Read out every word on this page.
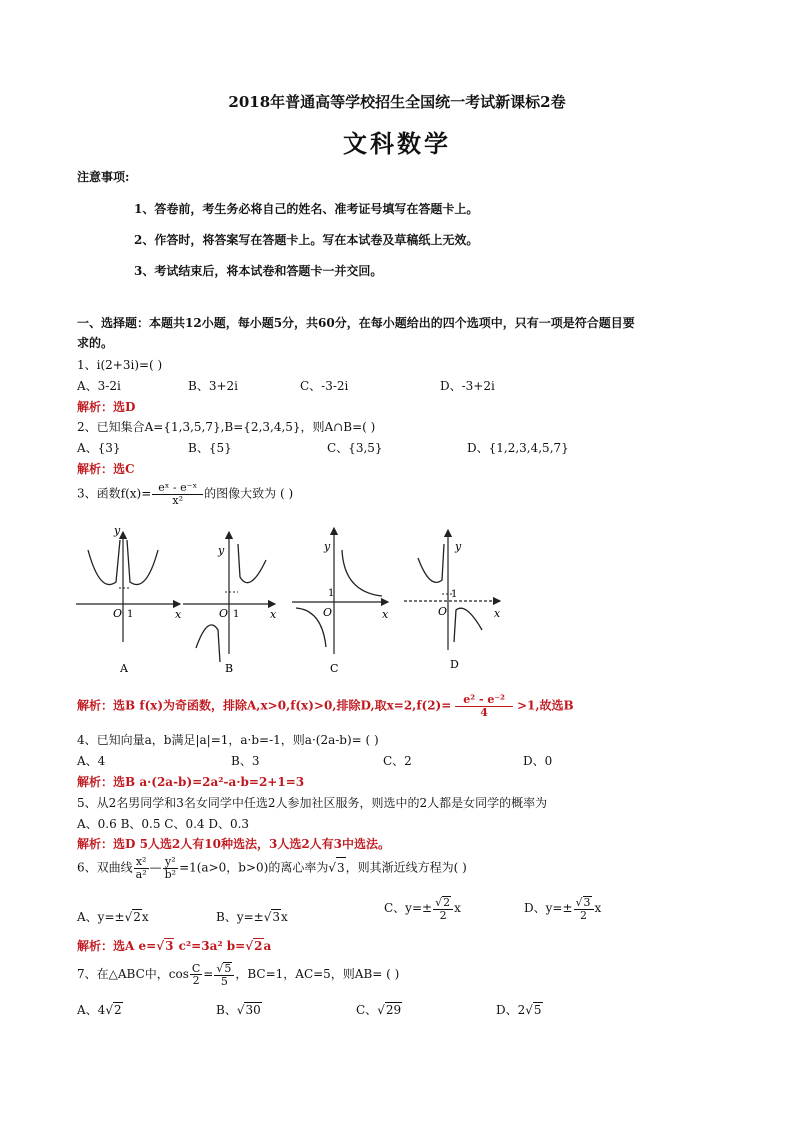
2018年普通高等学校招生全国统一考试新课标2卷
文科数学
注意事项:
1、答卷前，考生务必将自己的姓名、准考证号填写在答题卡上。
2、作答时，将答案写在答题卡上。写在本试卷及草稿纸上无效。
3、考试结束后，将本试卷和答题卡一并交回。
一、选择题：本题共12小题，每小题5分，共60分，在每小题给出的四个选项中，只有一项是符合题目要
求的。
1、i(2+3i)=( )
A、3-2i	B、3+2i	C、-3-2i	D、-3+2i
解析：选D
2、已知集合A={1,3,5,7},B={2,3,4,5}，则A∩B=( )
A、{3}	B、{5}	C、{3,5}	D、{1,2,3,4,5,7}
解析：选C
3、函数$f(x)= \frac{\text{eˣ - e⁻ˣ}}{\text{x²}}$ 的图像大致为 ( )
y
x
O 1
A
y
x
O 1
B
y
x
O
1
C
y
x
O
1
D
解析：选B f(x)为奇函数，排除A,x>0,f(x)>0,排除D,取$x=2,f(2)= \frac{\text{e² - e⁻²}}{4} >1$,故选B
4、已知向量a，b满足|a|=1，a·b=-1，则a·(2a-b)= ( )
A、4	B、3	C、2	D、0
解析：选B a·(2a-b)=2a²-a·b=2+1=3
5、从2名男同学和3名女同学中任选2人参加社区服务，则选中的2人都是女同学的概率为
A、0.6 B、0.5 C、0.4 D、0.3
解析：选D 5人选2人有10种选法，3人选2人有3中选法。
6、双曲线 $\frac{\text{x²}}{\text{a²}}$ — $\frac{\text{y²}}{\text{b²}} =1(a>0$，b>0)的离心率为√3，则其渐近线方程为( )
A、y=±√2x	B、y=±√3x
C、$y=\pm \frac{√2}{2}$ x	D、$y=\pm \frac{√3}{2}$ x
解析：选A e=√3 c²=3a² b=√2a
7、在△ABC中，$\cos \frac{C}{2} = \frac{√5}{5}$ ，BC=1，AC=5，则AB= ( )
A、4√2	B、√30	C、√29	D、2√5
